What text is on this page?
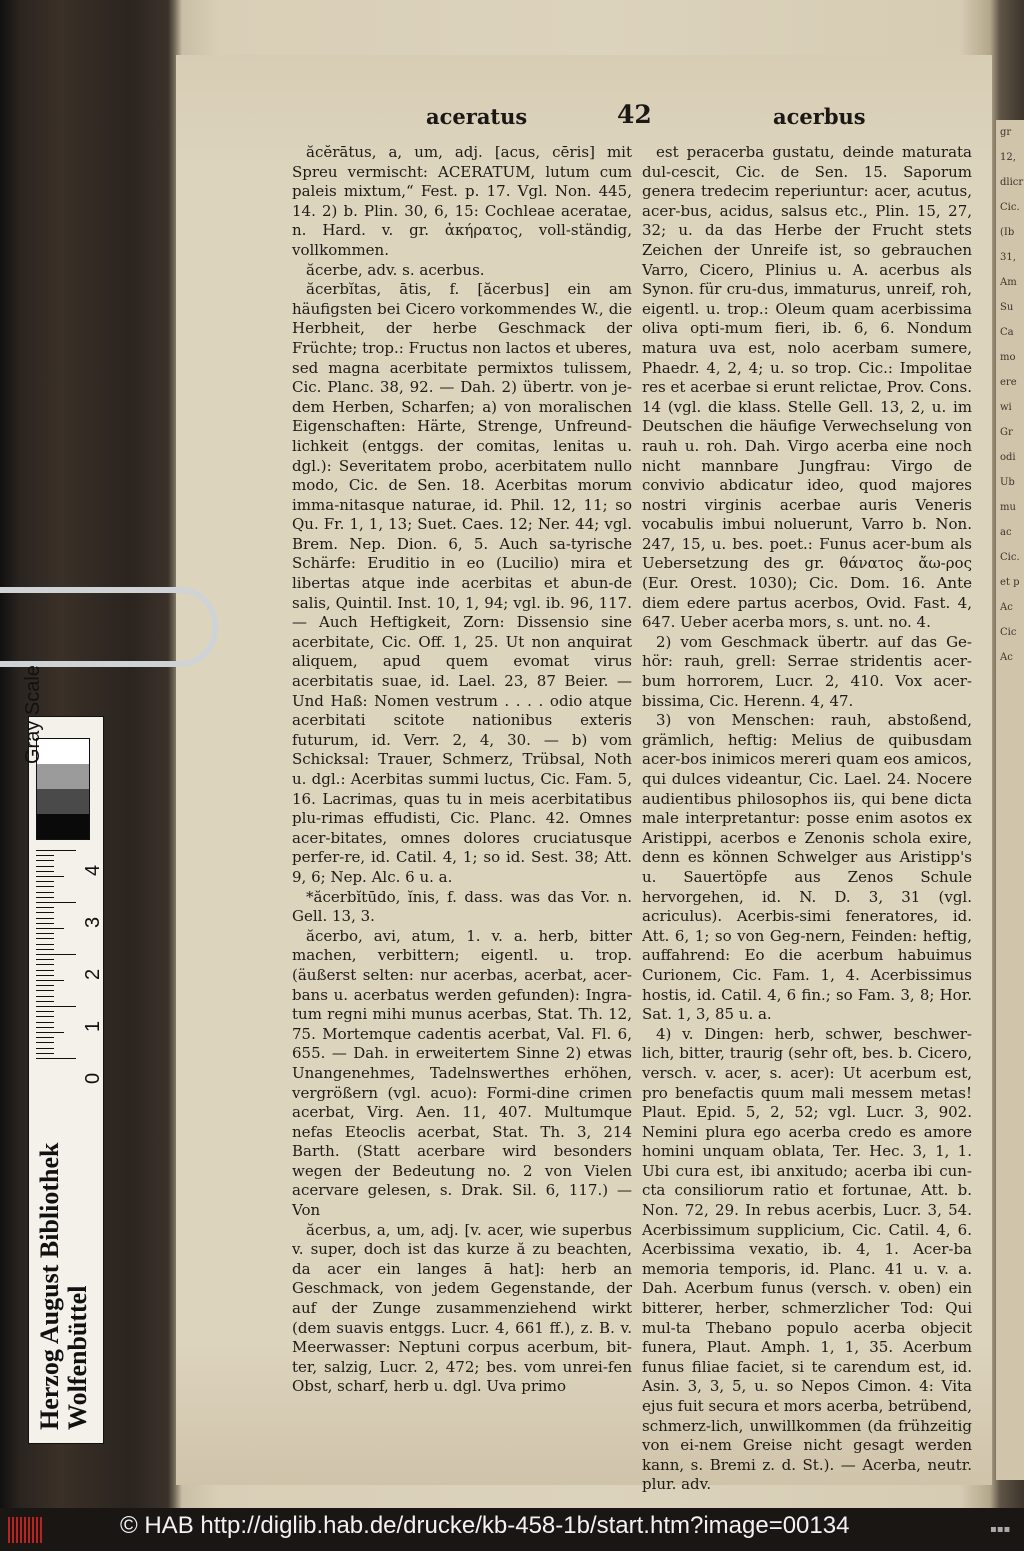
gr
12,
dlicr
Cic.
(Ib
31,
Am
Su
Ca
mo
ere
wi
Gr
odi
Ub
mu
ac
Cic.
et p
Ac
Cic
Ac
aceratus	42	acerbus

ăcĕrātus, a, um, adj. [acus, cēris] mit Spreu vermischt: ACERATUM, lutum cum paleis mixtum,“ Fest. p. 17. Vgl. Non. 445, 14. 2) b. Plin. 30, 6, 15: Cochleae aceratae, n. Hard. v. gr. ἀκήρατος, voll-ständig, vollkommen.

ăcerbe, adv. s. acerbus.

ăcerbĭtas, ātis, f. [ăcerbus] ein am häufigsten bei Cicero vorkommendes W., die Herbheit, der herbe Geschmack der Früchte; trop.: Fructus non lactos et uberes, sed magna acerbitate permixtos tulissem, Cic. Planc. 38, 92. — Dah. 2) übertr. von je-dem Herben, Scharfen; a) von moralischen Eigenschaften: Härte, Strenge, Unfreund-lichkeit (entggs. der comitas, lenitas u. dgl.): Severitatem probo, acerbitatem nullo modo, Cic. de Sen. 18. Acerbitas morum imma-nitasque naturae, id. Phil. 12, 11; so Qu. Fr. 1, 1, 13; Suet. Caes. 12; Ner. 44; vgl. Brem. Nep. Dion. 6, 5. Auch sa-tyrische Schärfe: Eruditio in eo (Lucilio) mira et libertas atque inde acerbitas et abun-de salis, Quintil. Inst. 10, 1, 94; vgl. ib. 96, 117. — Auch Heftigkeit, Zorn: Dissensio sine acerbitate, Cic. Off. 1, 25. Ut non anquirat aliquem, apud quem evomat virus acerbitatis suae, id. Lael. 23, 87 Beier. — Und Haß: Nomen vestrum . . . . odio atque acerbitati scitote nationibus exteris futurum, id. Verr. 2, 4, 30. — b) vom Schicksal: Trauer, Schmerz, Trübsal, Noth u. dgl.: Acerbitas summi luctus, Cic. Fam. 5, 16. Lacrimas, quas tu in meis acerbitatibus plu-rimas effudisti, Cic. Planc. 42. Omnes acer-bitates, omnes dolores cruciatusque perfer-re, id. Catil. 4, 1; so id. Sest. 38; Att. 9, 6; Nep. Alc. 6 u. a.

*ăcerbĭtūdo, ĭnis, f. dass. was das Vor. n. Gell. 13, 3.

ăcerbo, avi, atum, 1. v. a. herb, bitter machen, verbittern; eigentl. u. trop. (äußerst selten: nur acerbas, acerbat, acer-bans u. acerbatus werden gefunden): Ingra-tum regni mihi munus acerbas, Stat. Th. 12, 75. Mortemque cadentis acerbat, Val. Fl. 6, 655. — Dah. in erweitertem Sinne 2) etwas Unangenehmes, Tadelnswerthes erhöhen, vergrößern (vgl. acuo): Formi-dine crimen acerbat, Virg. Aen. 11, 407. Multumque nefas Eteoclis acerbat, Stat. Th. 3, 214 Barth. (Statt acerbare wird besonders wegen der Bedeutung no. 2 von Vielen acervare gelesen, s. Drak. Sil. 6, 117.) — Von

ăcerbus, a, um, adj. [v. acer, wie superbus v. super, doch ist das kurze ă zu beachten, da acer ein langes ā hat]: herb an Geschmack, von jedem Gegenstande, der auf der Zunge zusammenziehend wirkt (dem suavis entggs. Lucr. 4, 661 ff.), z. B. v. Meerwasser: Neptuni corpus acerbum, bit-ter, salzig, Lucr. 2, 472; bes. vom unrei-fen Obst, scharf, herb u. dgl. Uva primo

est peracerba gustatu, deinde maturata dul-cescit, Cic. de Sen. 15. Saporum genera tredecim reperiuntur: acer, acutus, acer-bus, acidus, salsus etc., Plin. 15, 27, 32; u. da das Herbe der Frucht stets Zeichen der Unreife ist, so gebrauchen Varro, Cicero, Plinius u. A. acerbus als Synon. für cru-dus, immaturus, unreif, roh, eigentl. u. trop.: Oleum quam acerbissima oliva opti-mum fieri, ib. 6, 6. Nondum matura uva est, nolo acerbam sumere, Phaedr. 4, 2, 4; u. so trop. Cic.: Impolitae res et acerbae si erunt relictae, Prov. Cons. 14 (vgl. die klass. Stelle Gell. 13, 2, u. im Deutschen die häufige Verwechselung von rauh u. roh. Dah. Virgo acerba eine noch nicht mannbare Jungfrau: Virgo de convivio abdicatur ideo, quod majores nostri virginis acerbae auris Veneris vocabulis imbui noluerunt, Varro b. Non. 247, 15, u. bes. poet.: Funus acer-bum als Uebersetzung des gr. θάνατος ἄω-ρος (Eur. Orest. 1030); Cic. Dom. 16. Ante diem edere partus acerbos, Ovid. Fast. 4, 647. Ueber acerba mors, s. unt. no. 4.

2) vom Geschmack übertr. auf das Ge-hör: rauh, grell: Serrae stridentis acer-bum horrorem, Lucr. 2, 410. Vox acer-bissima, Cic. Herenn. 4, 47.

3) von Menschen: rauh, abstoßend, grämlich, heftig: Melius de quibusdam acer-bos inimicos mereri quam eos amicos, qui dulces videantur, Cic. Lael. 24. Nocere audientibus philosophos iis, qui bene dicta male interpretantur: posse enim asotos ex Aristippi, acerbos e Zenonis schola exire, denn es können Schwelger aus Aristipp's u. Sauertöpfe aus Zenos Schule hervorgehen, id. N. D. 3, 31 (vgl. acriculus). Acerbis-simi feneratores, id. Att. 6, 1; so von Geg-nern, Feinden: heftig, auffahrend: Eo die acerbum habuimus Curionem, Cic. Fam. 1, 4. Acerbissimus hostis, id. Catil. 4, 6 fin.; so Fam. 3, 8; Hor. Sat. 1, 3, 85 u. a.

4) v. Dingen: herb, schwer, beschwer-lich, bitter, traurig (sehr oft, bes. b. Cicero, versch. v. acer, s. acer): Ut acerbum est, pro benefactis quum mali messem metas! Plaut. Epid. 5, 2, 52; vgl. Lucr. 3, 902. Nemini plura ego acerba credo es amore homini unquam oblata, Ter. Hec. 3, 1, 1. Ubi cura est, ibi anxitudo; acerba ibi cun-cta consiliorum ratio et fortunae, Att. b. Non. 72, 29. In rebus acerbis, Lucr. 3, 54. Acerbissimum supplicium, Cic. Catil. 4, 6. Acerbissima vexatio, ib. 4, 1. Acer-ba memoria temporis, id. Planc. 41 u. v. a. Dah. Acerbum funus (versch. v. oben) ein bitterer, herber, schmerzlicher Tod: Qui mul-ta Thebano populo acerba objecit funera, Plaut. Amph. 1, 1, 35. Acerbum funus filiae faciet, si te carendum est, id. Asin. 3, 3, 5, u. so Nepos Cimon. 4: Vita ejus fuit secura et mors acerba, betrübend, schmerz-lich, unwillkommen (da frühzeitig von ei-nem Greise nicht gesagt werden kann, s. Bremi z. d. St.). — Acerba, neutr. plur. adv.

Gray Scale
4
3
2
1
0
Herzog August Bibliothek Wolfenbüttel
© HAB http://diglib.hab.de/drucke/kb-458-1b/start.htm?image=00134	▪▪▪
